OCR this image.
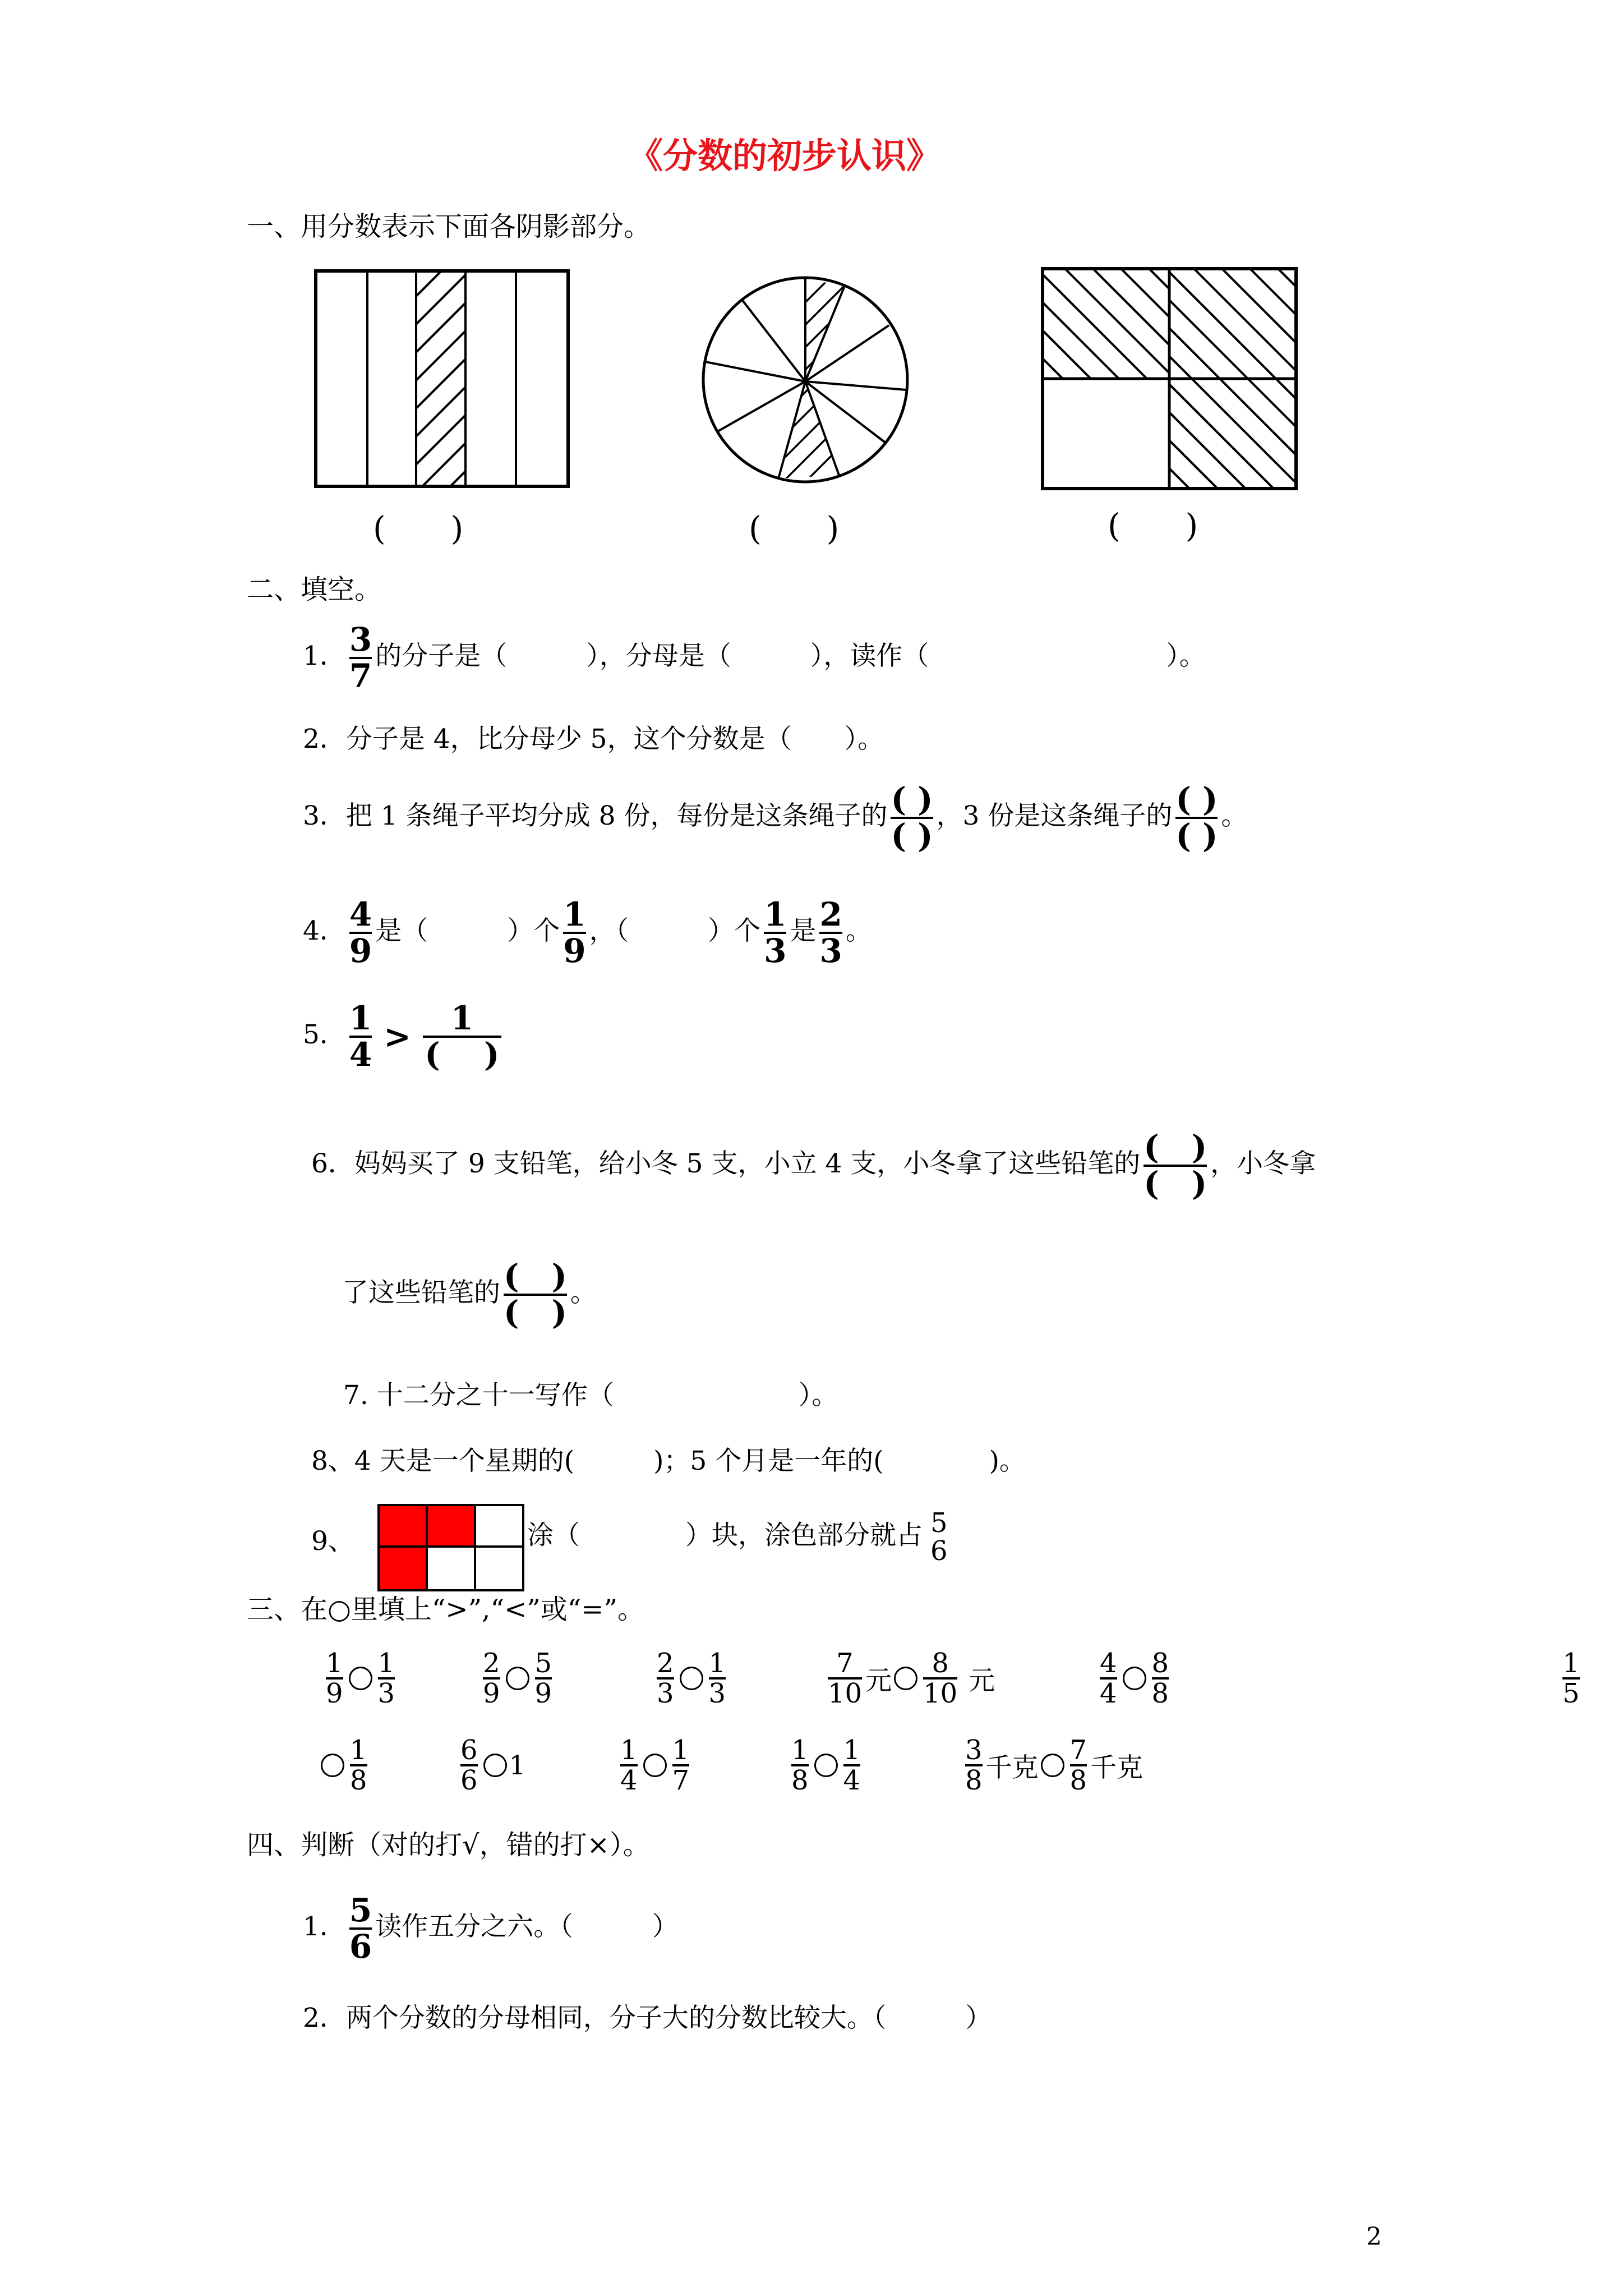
《分数的初步认识》
一、用分数表示下面各阴影部分。
(　　)	(　　)	(　　)
二、填空。
1． $\frac{3}{7}$ 的分子是（　　　），分母是（　　　），读作（　　　　　　　　　）。
2．分子是 4，比分母少 5，这个分数是（　　）。
3．把 1 条绳子平均分成 8 份，每份是这条绳子的 $\frac{( )}{( )}$ ，3 份是这条绳子的 $\frac{( )}{( )}$ 。
4． $\frac{4}{9}$ 是（　　　）个 $\frac{1}{9}$ ，（　　　）个 $\frac{1}{3}$ 是 $\frac{2}{3}$ 。
5． $\frac{1}{4} > \frac{1}{( )}$
6．妈妈买了 9 支铅笔，给小冬 5 支，小立 4 支，小冬拿了这些铅笔的 $\frac{( )}{( )}$ ，小冬拿
了这些铅笔的 $\frac{( )}{( )}$ 。
7. 十二分之十一写作（　　　　　　　）。
8、4 天是一个星期的(　　　)；5 个月是一年的(　　　　)。
9、	涂（　　　　）块，涂色部分就占 5
6
三、在○里填上“>”,“<”或“=”。
$\frac{1}{9} \frac{1}{3}$	$\frac{2}{9} \frac{5}{9}$	$\frac{2}{3} \frac{1}{3}$	$\frac{7}{10}$ 元 $\frac{8}{10}$ 元	$\frac{4}{4} \frac{8}{8}$	$\frac{1}{5}$
$\frac{1}{8}$	$\frac{6}{6} 1$	$\frac{1}{4} \frac{1}{7}$	$\frac{1}{8} \frac{1}{4}$	$\frac{3}{8}$ 千克 $\frac{7}{8}$ 千克
四、判断（对的打√，错的打×）。
1． $\frac{5}{6}$ 读作五分之六。（　　　）
2．两个分数的分母相同，分子大的分数比较大。（　　　）
2
